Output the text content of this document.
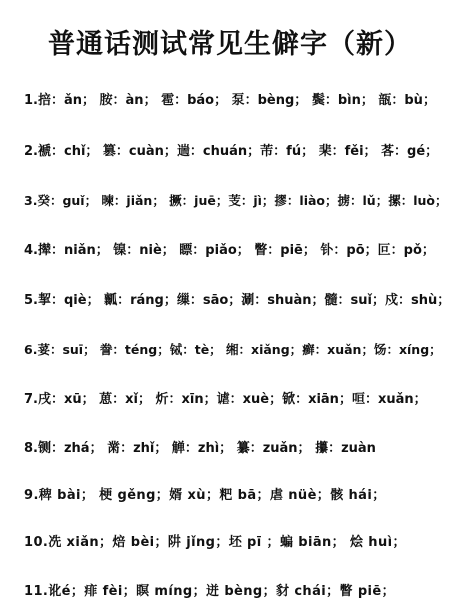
普通话测试常见生僻字（新）
1.掊：ǎn； 胺：àn； 雹：báo； 泵：bèng； 鬓：bìn； 瓿：bù；
2.褫：chǐ； 篡：cuàn；遄：chuán；芾：fú； 棐：fěi； 茖：gé；
3.癸：guǐ； 暕：jiǎn； 撅：juē；芰：jì；摎：liào；掳：lǔ；摞：luò；
4.撵：niǎn； 镍：niè； 瞟：piǎo； 瞥：piē； 钋：pō；叵：pǒ；
5.挈：qiè； 瓤：ráng；缫：sāo；涮：shuàn；髓：suǐ；戍：shù；
6.荽：suī； 誊：téng；铽：tè； 缃：xiǎng；癣：xuǎn；饧：xíng；
7.戌：xū； 葸：xǐ； 炘：xīn；谑：xuè；锨：xiān；咺：xuǎn；
8.铡：zhá； 黹：zhǐ； 觯：zhì； 纂：zuǎn； 攥：zuàn
9.稗 bài； 梗 gěng；婿 xù；粑 bā；虐 nüè；骸 hái；
10.冼 xiǎn；焙 bèi；阱 jǐng；坯 pī ；蝙 biān； 烩 huì；
11.讹é；痱 fèi；瞑 míng；迸 bèng；豺 chái；瞥 piē；
